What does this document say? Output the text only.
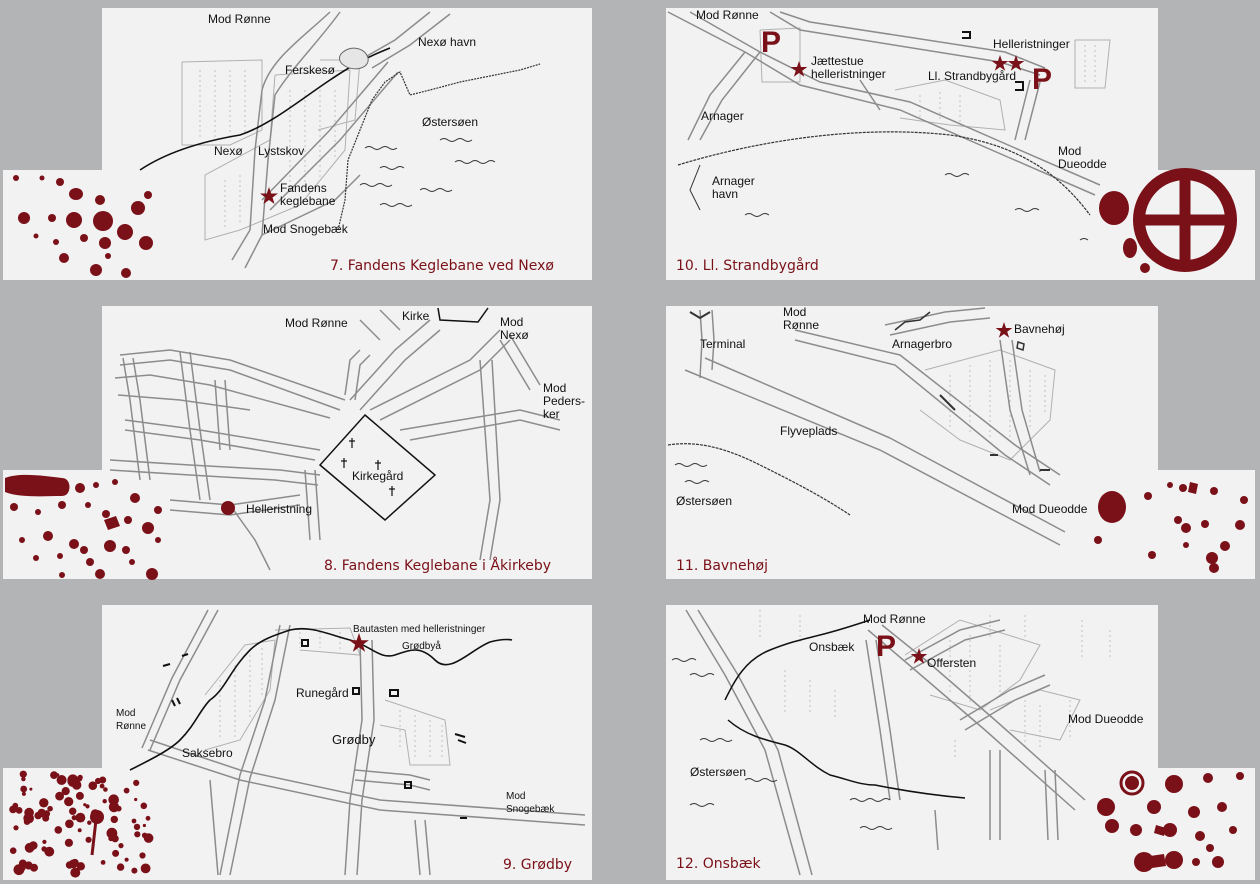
Mod Rønne
Nexø havn
Ferskesø
Østersøen
Nexø Lystskov
Fandens
keglebane
Mod Snogebæk
7. Fandens Keglebane ved Nexø
Mod Rønne
Jættestue
helleristninger
Helleristninger
Ll. Strandbygård
Arnager
Mod
Dueodde
Arnager
havn
P
P
10. Ll. Strandbygård
Mod Rønne	Kirke	Mod
Nexø
Mod
Peders-
ker
Kirkegård
Helleristning
8. Fandens Keglebane i Åkirkeby
Mod
Rønne	Bavnehøj
Terminal	Arnagerbro
Flyveplads
Østersøen
Mod Dueodde
11. Bavnehøj
Bautasten med helleristninger
Grødbyå
Runegård
Grødby
Mod
Rønne
Saksebro
Mod
Snogebæk
9. Grødby
Mod Rønne
Onsbæk
Offersten
Mod Dueodde
Østersøen
P
12. Onsbæk
